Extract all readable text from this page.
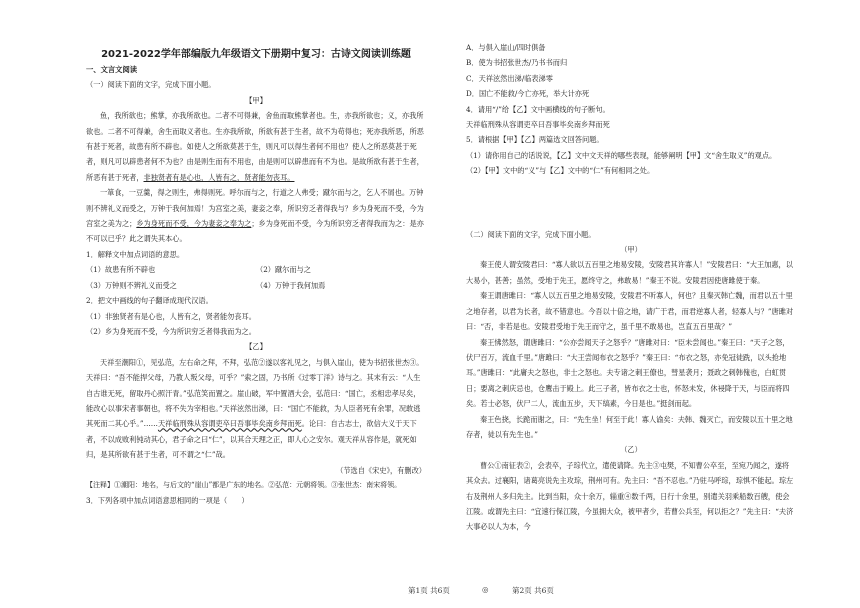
2021-2022学年部编版九年级语文下册期中复习：古诗文阅读训练题

一、文言文阅读

（一）阅读下面的文字，完成下面小题。

【甲】

鱼，我所欲也；熊掌，亦我所欲也。二者不可得兼，舍鱼而取熊掌者也。生，亦我所欲也；义，亦我所欲也。二者不可得兼，舍生而取义者也。生亦我所欲，所欲有甚于生者，故不为苟得也；死亦我所恶，所恶有甚于死者，故患有所不辟也。如使人之所欲莫甚于生，则凡可以得生者何不用也？使人之所恶莫甚于死者，则凡可以辟患者何不为也？由是则生而有不用也，由是则可以辟患而有不为也。是故所欲有甚于生者，所恶有甚于死者，非独贤者有是心也，人皆有之，贤者能勿丧耳。

一箪食，一豆羹，得之则生，弗得则死。呼尔而与之，行道之人弗受；蹴尔而与之，乞人不屑也。万钟则不辨礼义而受之，万钟于我何加焉！为宫室之美，妻妾之奉，所识穷乏者得我与？乡为身死而不受，今为宫室之美为之；乡为身死而不受，今为妻妾之奉为之；乡为身死而不受，今为所识穷乏者得我而为之：是亦不可以已乎？此之谓失其本心。

1．解释文中加点词语的意思。

（1）故患有所不辟也	（2）蹴尔而与之
（3）万钟则不辨礼义而受之	（4）万钟于我何加焉

2．把文中画线的句子翻译成现代汉语。

（1）非独贤者有是心也，人皆有之，贤者能勿丧耳。

（2）乡为身死而不受，今为所识穷乏者得我而为之。

【乙】

天祥至潮阳①，见弘范，左右命之拜，不拜，弘范②遂以客礼见之，与俱入崖山，使为书招张世杰③。天祥曰：“吾不能捍父母，乃教人叛父母，可乎？”索之固，乃书所《过零丁洋》诗与之。其末有云：“人生自古谁无死，留取丹心照汗青。”弘范笑而置之。崖山破，军中置酒大会，弘范曰：“国亡，丞相忠孝尽矣，能改心以事宋者事朝也，将不失为宰相也。”天祥泫然出涕，曰：“国亡不能救，为人臣者死有余罪，况敢逃其死而二其心乎。”……天祥临刑殊从容谓吏卒曰吾事毕矣南乡拜而死。论曰：自古志士，欲信大义于天下者，不以成败利钝动其心，君子命之曰“仁”，以其合天理之正，即人心之安尔。观天祥从容作是，就死如归，是其所欲有甚于生者，可不谓之“仁”哉。

（节选自《宋史》，有删改）

【注释】①潮阳：地名，与后文的“崖山”都是广东的地名。②弘范：元朝将领。③张世杰：南宋将领。

3．下列各项中加点词语意思相同的一项是（　　）

A．与俱入崖山/四时俱备

B．使为书招张世杰/乃书书而归

C．天祥泫然出涕/临表涕零

D．国亡不能救/今亡亦死，举大计亦死

4．请用“/”给【乙】文中画横线的句子断句。

天祥临刑殊从容谓吏卒曰吾事毕矣南乡拜而死

5．请根据【甲】【乙】两篇选文回答问题。

（1）请你用自己的话说说，【乙】文中文天祥的哪些表现，能够阐明【甲】文“舍生取义”的观点。

（2）【甲】文中的“义”与【乙】文中的“仁”有何相同之处。

（二）阅读下面的文字，完成下面小题。

（甲）

秦王使人谓安陵君曰：“寡人欲以五百里之地易安陵，安陵君其许寡人！”安陵君曰：“大王加惠，以大易小，甚善；虽然，受地于先王，愿终守之，弗敢易！”秦王不说。安陵君因使唐雎使于秦。

秦王谓唐雎曰：“寡人以五百里之地易安陵，安陵君不听寡人，何也？且秦灭韩亡魏，而君以五十里之地存者，以君为长者，故不错意也。今吾以十倍之地，请广于君，而君逆寡人者，轻寡人与？”唐雎对曰：“否，非若是也。安陵君受地于先王而守之，虽千里不敢易也，岂直五百里哉？”

秦王怫然怒，谓唐雎曰：“公亦尝闻天子之怒乎？”唐雎对曰：“臣未尝闻也。”秦王曰：“天子之怒，伏尸百万，流血千里。”唐雎曰：“大王尝闻布衣之怒乎？”秦王曰：“布衣之怒，亦免冠徒跣，以头抢地耳。”唐雎曰：“此庸夫之怒也，非士之怒也。夫专诸之刺王僚也，彗星袭月；聂政之刺韩傀也，白虹贯日；要离之刺庆忌也，仓鹰击于殿上。此三子者，皆布衣之士也，怀怒未发，休祲降于天，与臣而将四矣。若士必怒，伏尸二人，流血五步，天下缟素，今日是也。”挺剑而起。

秦王色挠，长跪而谢之，曰：“先生坐！何至于此！寡人谕矣：夫韩、魏灭亡，而安陵以五十里之地存者，徒以有先生也。”

（乙）

曹公①南征表②，会表卒，子琮代立，遣使请降。先主③屯樊，不知曹公卒至，至宛乃闻之，遂将其众去。过襄阳，诸葛亮说先主攻琮，荆州可有。先主曰：“吾不忍也。”乃驻马呼琮，琮惧不能起。琮左右及荆州人多归先主。比到当阳，众十余万，辎重④数千两，日行十余里，别遣关羽乘船数百艘，使会江陵。或谓先主曰：“宜速行保江陵，今虽拥大众，被甲者少，若曹公兵至，何以拒之？”先主曰：“夫济大事必以人为本，今

第1页 共6页	◎	第2页 共6页
